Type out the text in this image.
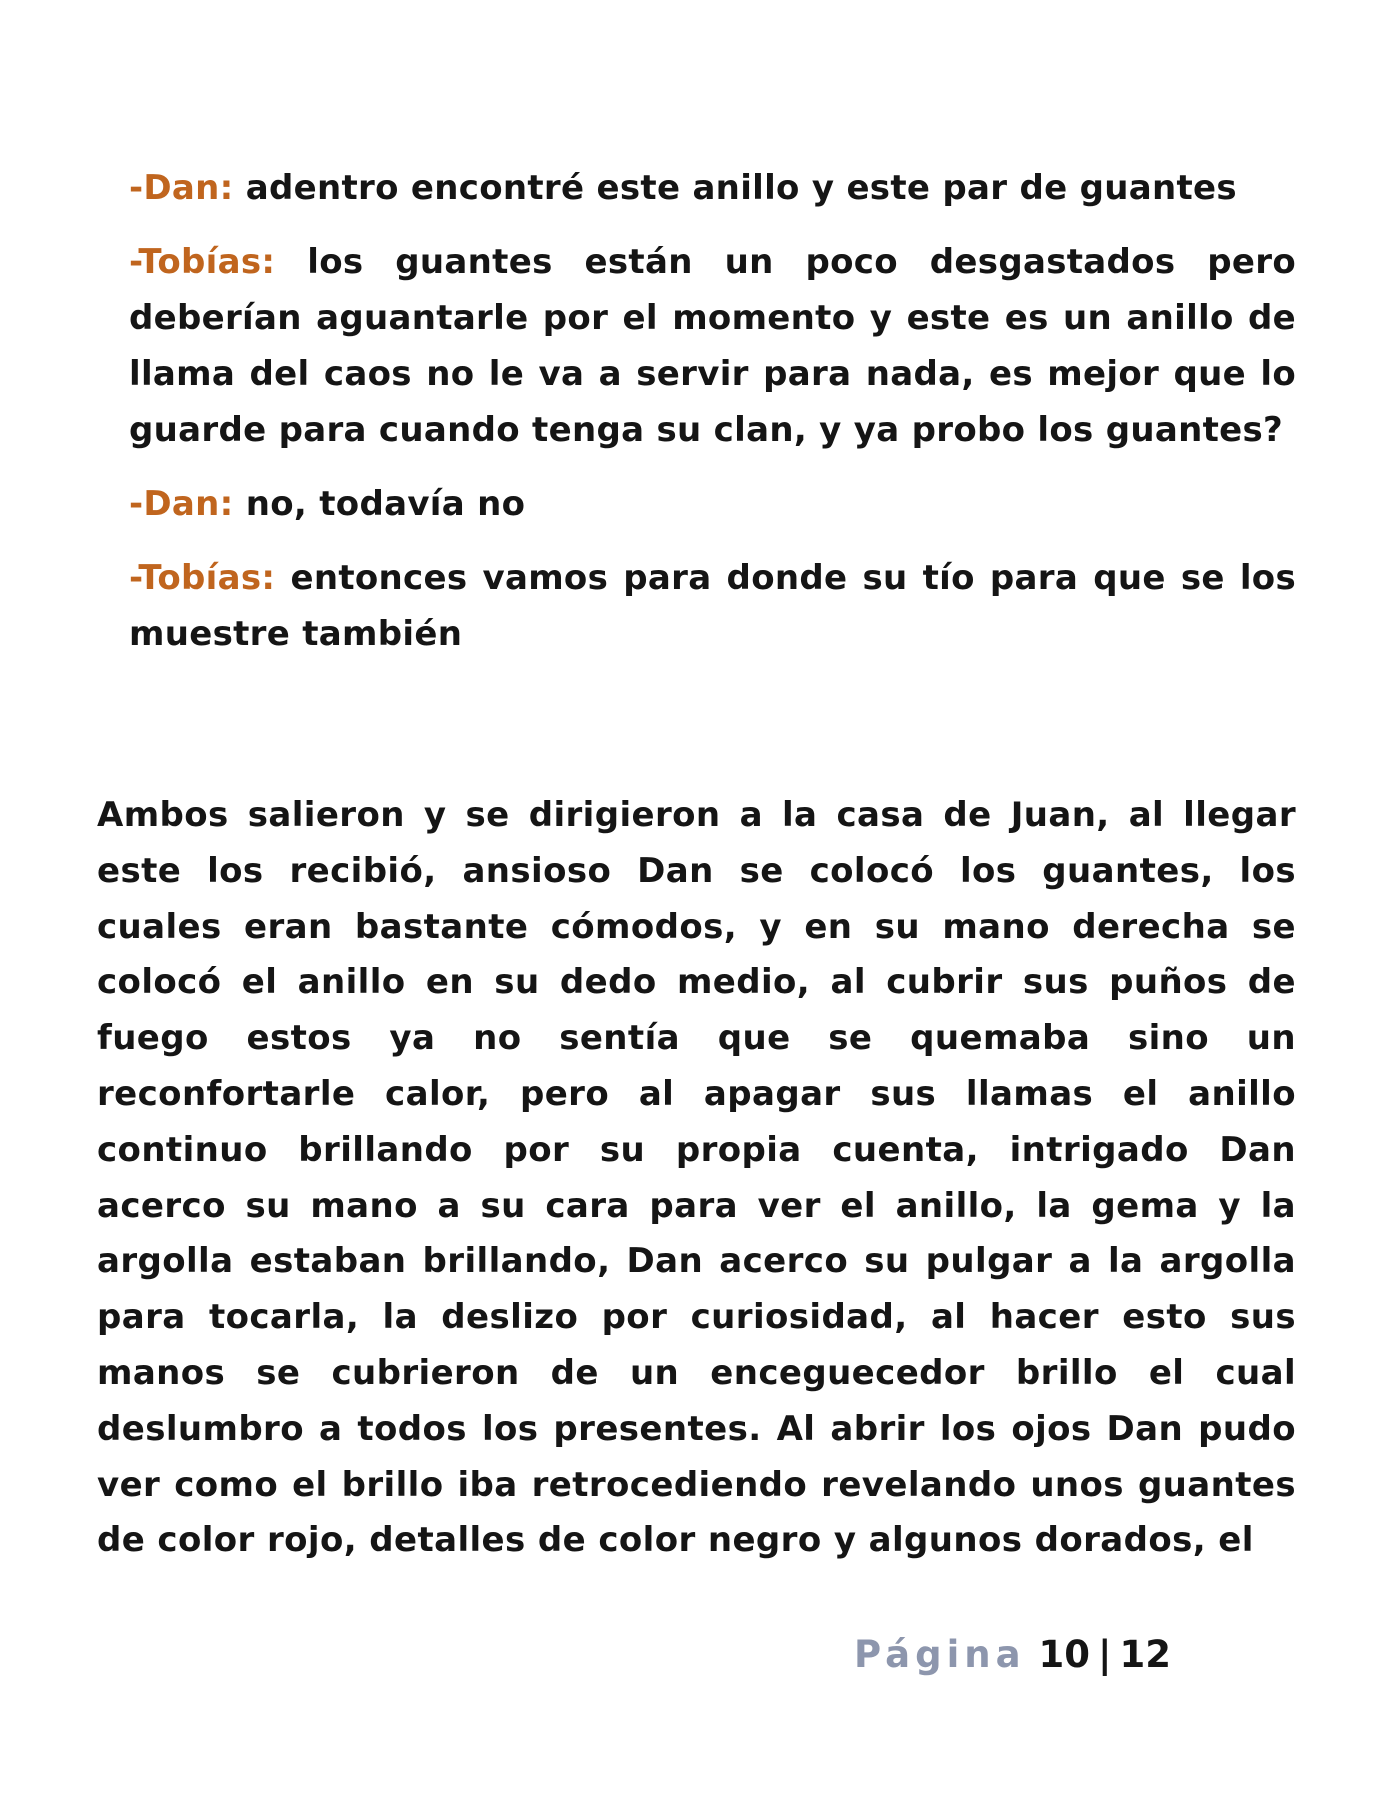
-Dan: adentro encontré este anillo y este par de guantes

-Tobías: los guantes están un poco desgastados pero deberían aguantarle por el momento y este es un anillo de llama del caos no le va a servir para nada, es mejor que lo guarde para cuando tenga su clan, y ya probo los guantes?

-Dan: no, todavía no

-Tobías: entonces vamos para donde su tío para que se los muestre también

Ambos salieron y se dirigieron a la casa de Juan, al llegar este los recibió, ansioso Dan se colocó los guantes, los cuales eran bastante cómodos, y en su mano derecha se colocó el anillo en su dedo medio, al cubrir sus puños de fuego estos ya no sentía que se quemaba sino un reconfortarle calor, pero al apagar sus llamas el anillo continuo brillando por su propia cuenta, intrigado Dan acerco su mano a su cara para ver el anillo, la gema y la argolla estaban brillando, Dan acerco su pulgar a la argolla para tocarla, la deslizo por curiosidad, al hacer esto sus manos se cubrieron de un enceguecedor brillo el cual deslumbro a todos los presentes. Al abrir los ojos Dan pudo ver como el brillo iba retrocediendo revelando unos guantes de color rojo, detalles de color negro y algunos dorados, el

Página 10 | 12
